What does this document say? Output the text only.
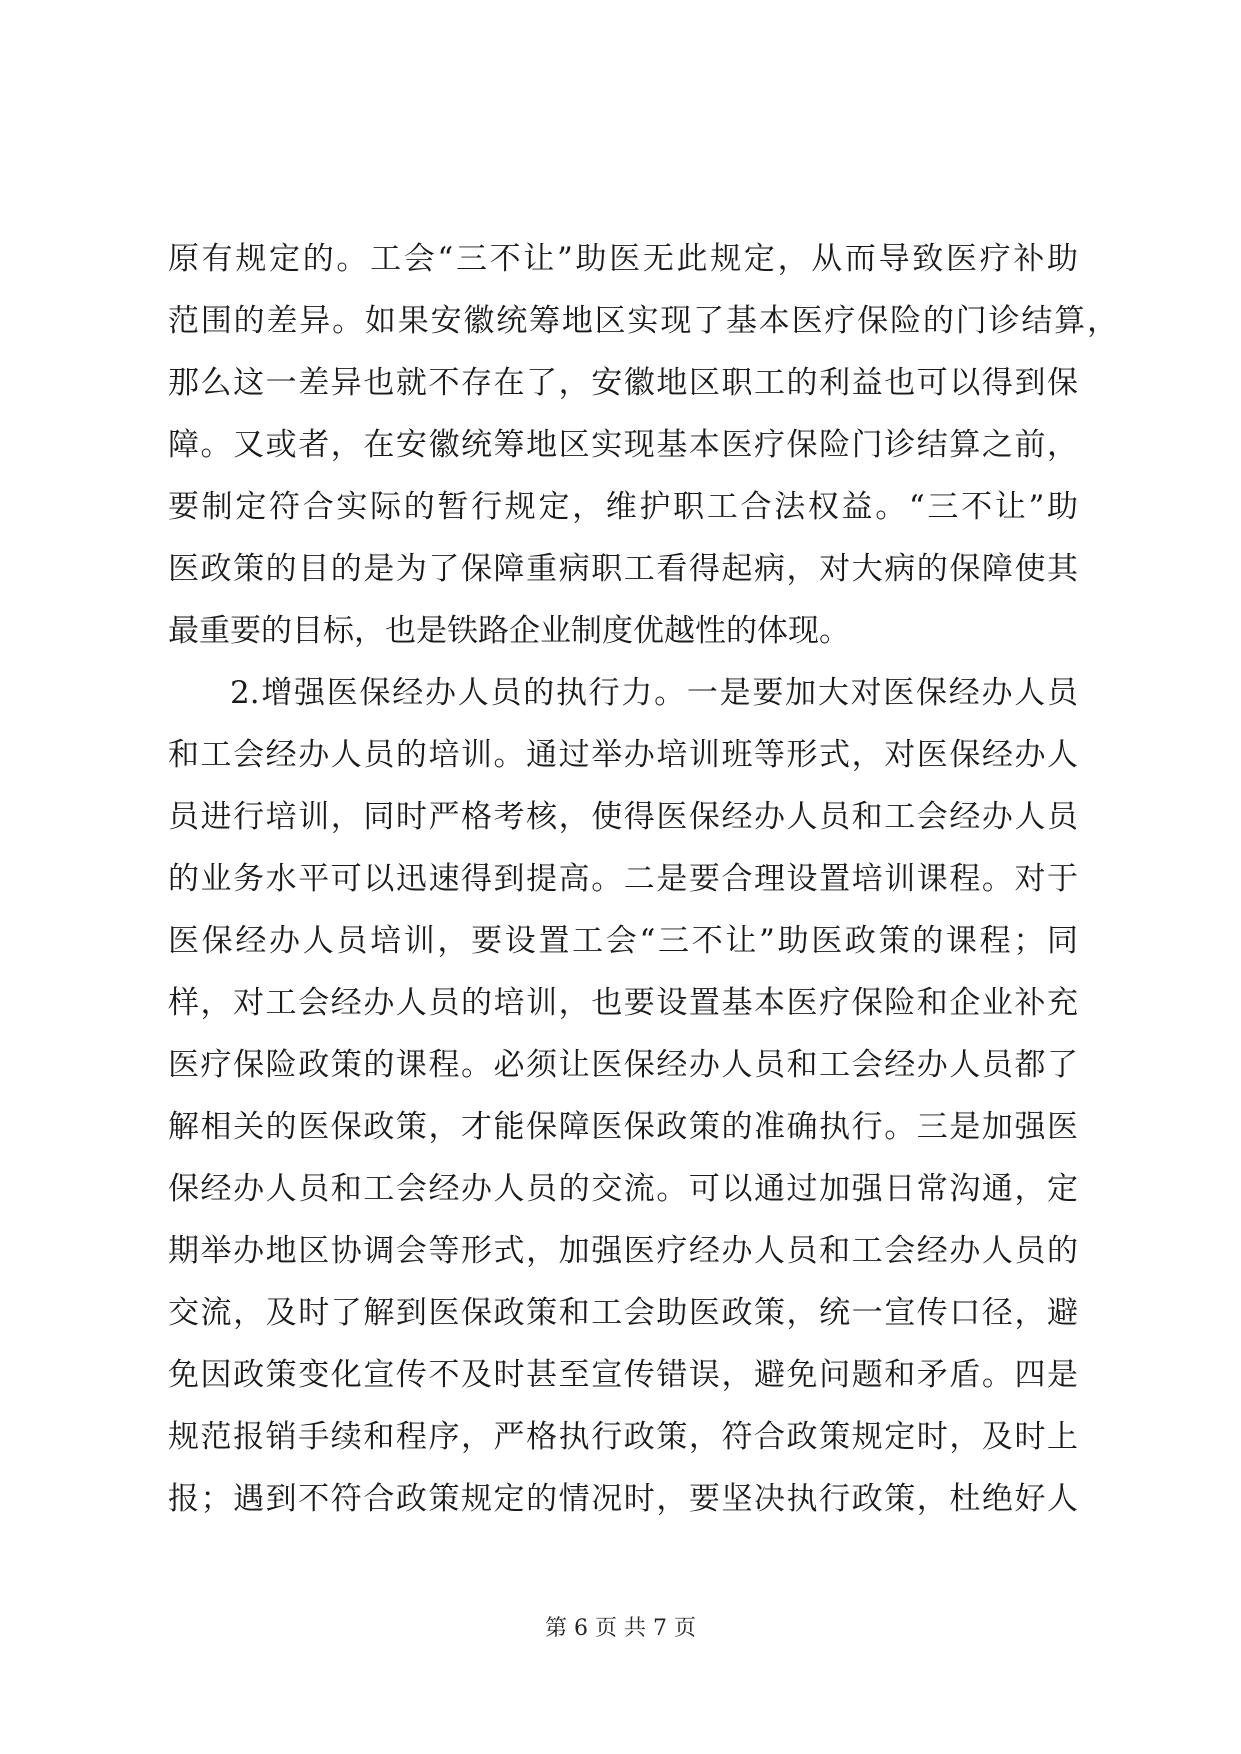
原有规定的。工会“三不让”助医无此规定，从而导致医疗补助
范围的差异。如果安徽统筹地区实现了基本医疗保险的门诊结算，
那么这一差异也就不存在了，安徽地区职工的利益也可以得到保
障。又或者，在安徽统筹地区实现基本医疗保险门诊结算之前，
要制定符合实际的暂行规定，维护职工合法权益。“三不让”助
医政策的目的是为了保障重病职工看得起病，对大病的保障使其
最重要的目标，也是铁路企业制度优越性的体现。
2.增强医保经办人员的执行力。一是要加大对医保经办人员
和工会经办人员的培训。通过举办培训班等形式，对医保经办人
员进行培训，同时严格考核，使得医保经办人员和工会经办人员
的业务水平可以迅速得到提高。二是要合理设置培训课程。对于
医保经办人员培训，要设置工会“三不让”助医政策的课程；同
样，对工会经办人员的培训，也要设置基本医疗保险和企业补充
医疗保险政策的课程。必须让医保经办人员和工会经办人员都了
解相关的医保政策，才能保障医保政策的准确执行。三是加强医
保经办人员和工会经办人员的交流。可以通过加强日常沟通，定
期举办地区协调会等形式，加强医疗经办人员和工会经办人员的
交流，及时了解到医保政策和工会助医政策，统一宣传口径，避
免因政策变化宣传不及时甚至宣传错误，避免问题和矛盾。四是
规范报销手续和程序，严格执行政策，符合政策规定时，及时上
报；遇到不符合政策规定的情况时，要坚决执行政策，杜绝好人
第 6 页 共 7 页
